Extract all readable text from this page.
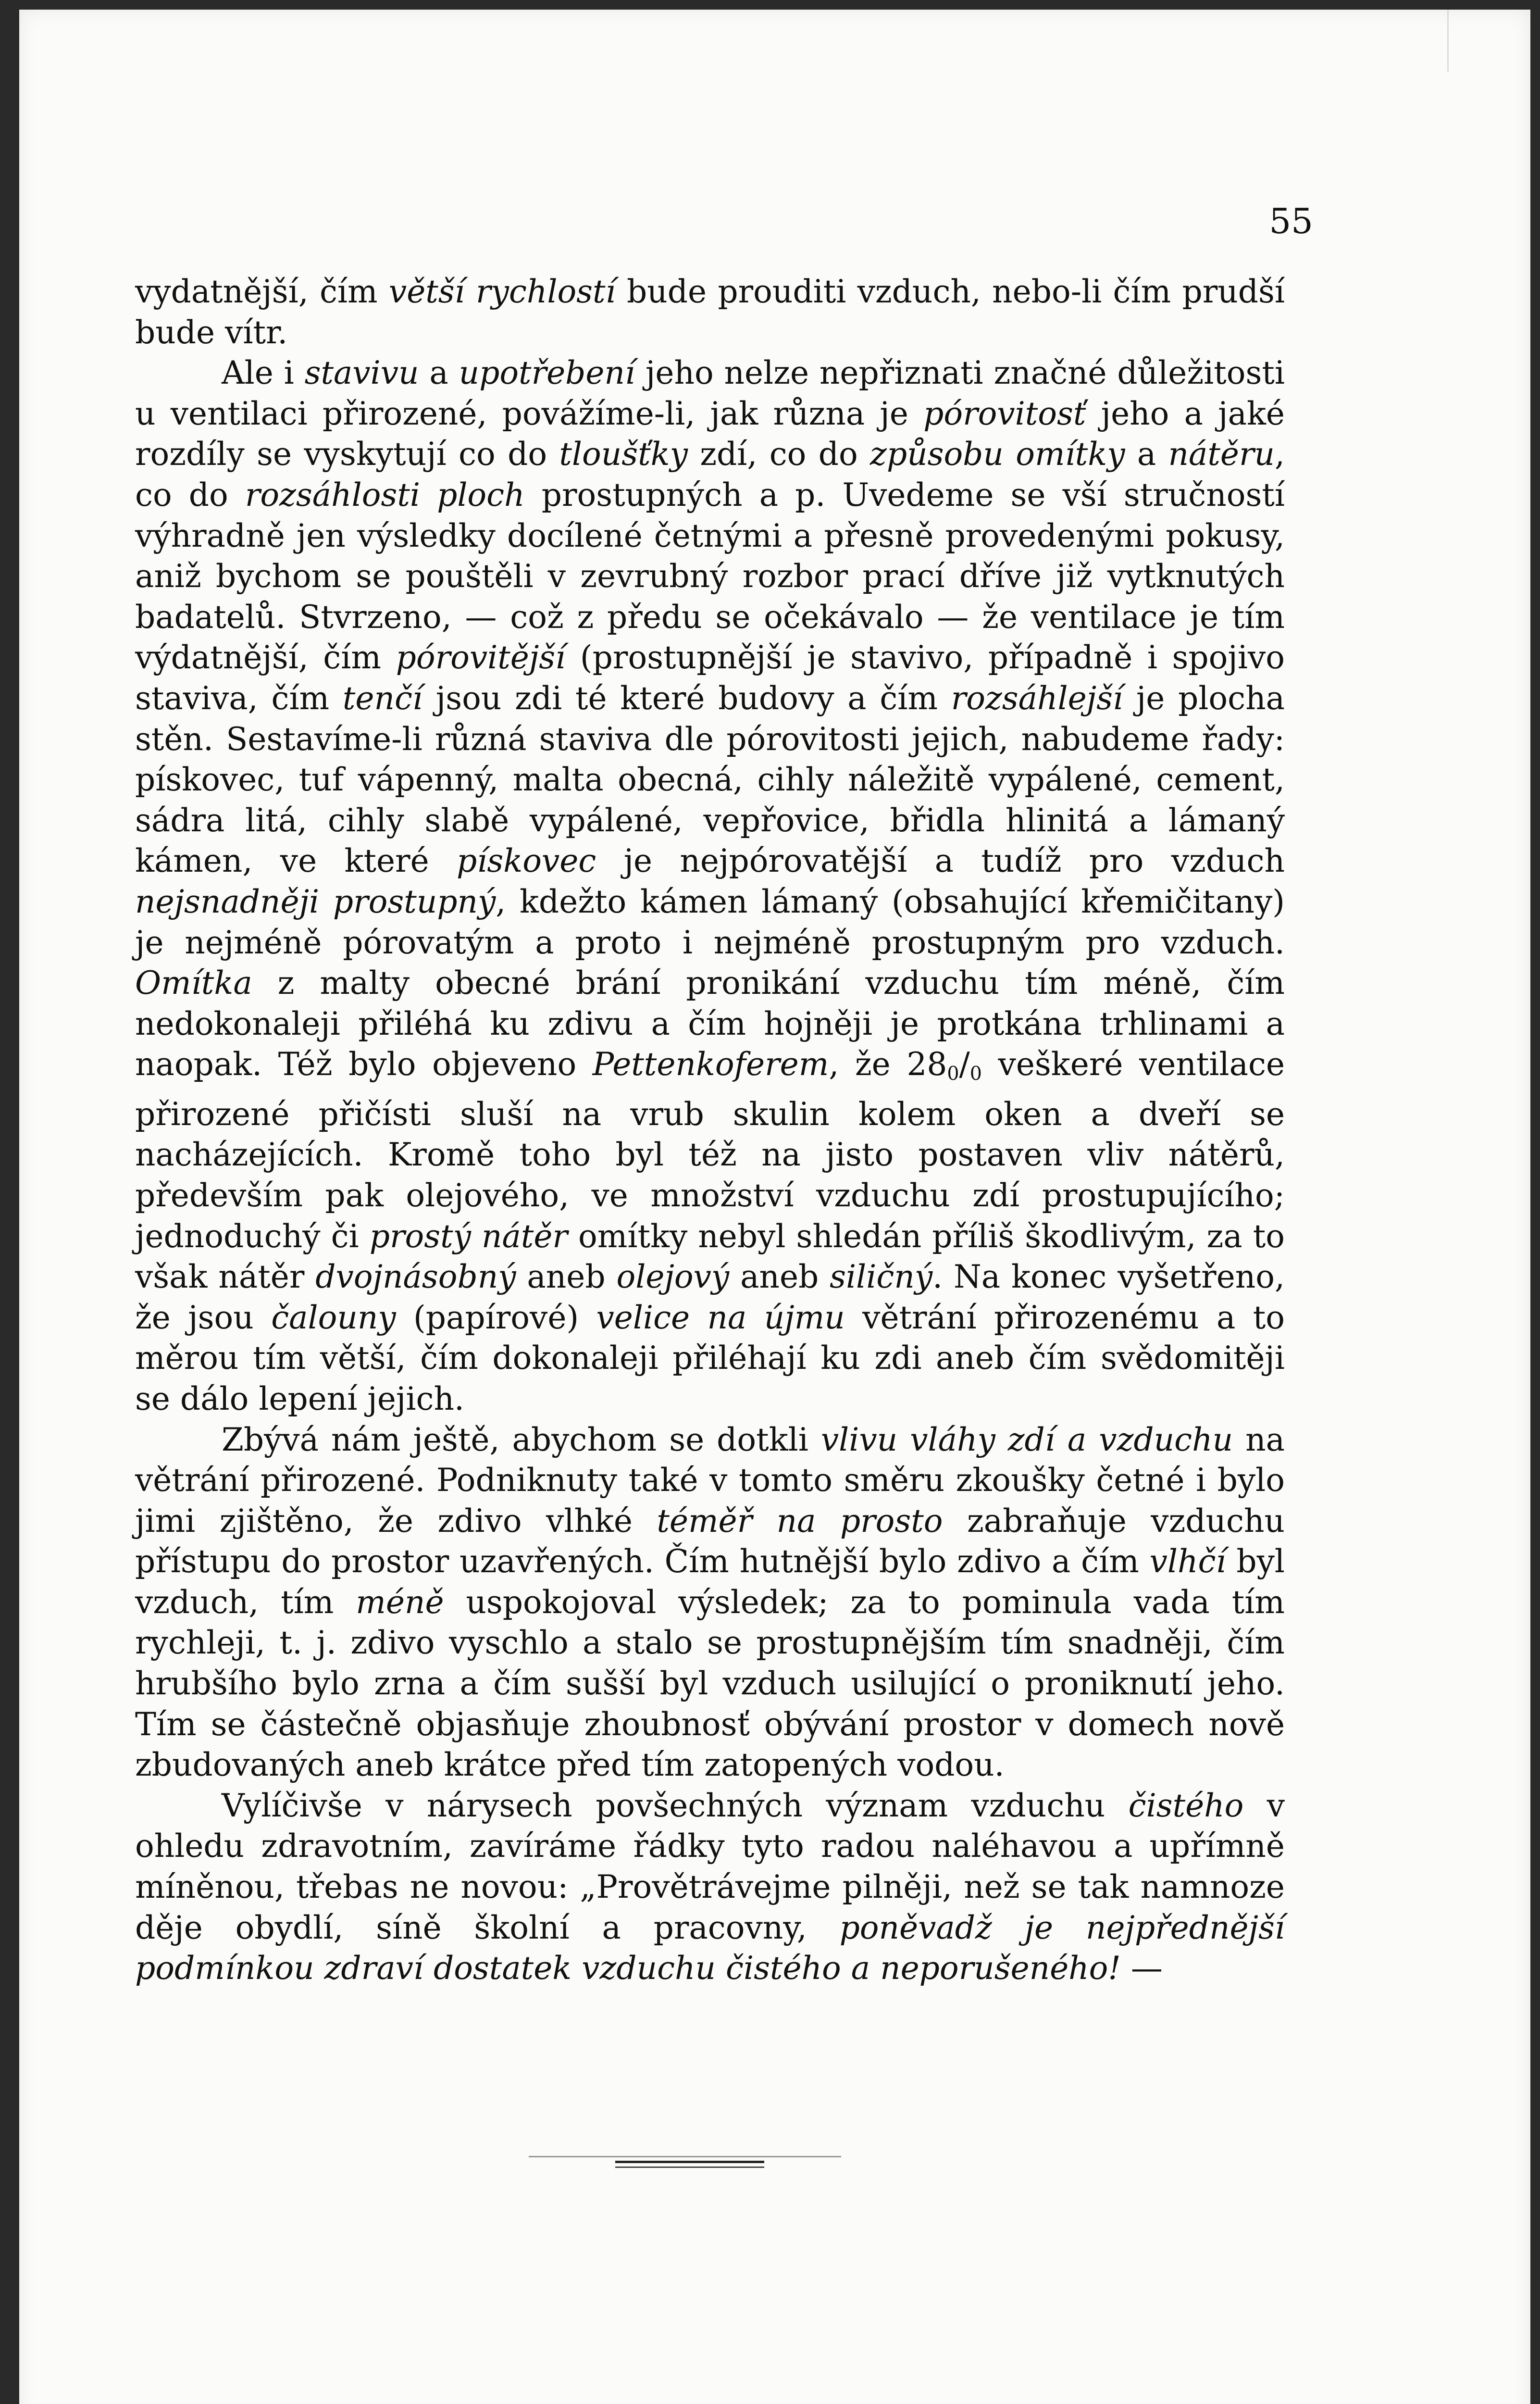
55

vydatnější, čím větší rychlostí bude prouditi vzduch, nebo-li čím prudší bude vítr.

Ale i stavivu a upotřebení jeho nelze nepřiznati značné důležitosti u ventilaci přirozené, povážíme-li, jak různa je pórovitosť jeho a jaké rozdíly se vyskytují co do tloušťky zdí, co do způsobu omítky a nátěru, co do rozsáhlosti ploch prostupných a p. Uvedeme se vší stručností výhradně jen výsledky docílené četnými a přesně provedenými pokusy, aniž bychom se pouštěli v zevrubný rozbor prací dříve již vytknutých badatelů. Stvrzeno, — což z předu se očekávalo — že ventilace je tím výdatnější, čím pórovitější (prostupnější je stavivo, případně i spojivo staviva, čím tenčí jsou zdi té které budovy a čím rozsáhlejší je plocha stěn. Sestavíme-li různá staviva dle pórovitosti jejich, nabudeme řady: pískovec, tuf vápenný, malta obecná, cihly náležitě vypálené, cement, sádra litá, cihly slabě vypálené, vepřovice, břidla hlinitá a lámaný kámen, ve které pískovec je nejpórovatější a tudíž pro vzduch nejsnadněji prostupný, kdežto kámen lámaný (obsahující křemičitany) je nejméně pórovatým a proto i nejméně prostupným pro vzduch. Omítka z malty obecné brání pronikání vzduchu tím méně, čím nedokonaleji přiléhá ku zdivu a čím hojněji je protkána trhlinami a naopak. Též bylo objeveno Pettenkoferem, že $28_0/_0$ veškeré ventilace přirozené přičísti sluší na vrub skulin kolem oken a dveří se nacházejících. Kromě toho byl též na jisto postaven vliv nátěrů, především pak olejového, ve množství vzduchu zdí prostupujícího; jednoduchý či prostý nátěr omítky nebyl shledán příliš škodlivým, za to však nátěr dvojnásobný aneb olejový aneb siličný. Na konec vyšetřeno, že jsou čalouny (papírové) velice na újmu větrání přirozenému a to měrou tím větší, čím dokonaleji přiléhají ku zdi aneb čím svědomitěji se dálo lepení jejich.

Zbývá nám ještě, abychom se dotkli vlivu vláhy zdí a vzduchu na větrání přirozené. Podniknuty také v tomto směru zkoušky četné i bylo jimi zjištěno, že zdivo vlhké téměř na prosto zabraňuje vzduchu přístupu do prostor uzavřených. Čím hutnější bylo zdivo a čím vlhčí byl vzduch, tím méně uspokojoval výsledek; za to pominula vada tím rychleji, t. j. zdivo vyschlo a stalo se prostupnějším tím snadněji, čím hrubšího bylo zrna a čím sušší byl vzduch usilující o proniknutí jeho. Tím se částečně objasňuje zhoubnosť obývání prostor v domech nově zbudovaných aneb krátce před tím zatopených vodou.

Vylíčivše v nárysech povšechných význam vzduchu čistého v ohledu zdravotním, zavíráme řádky tyto radou naléhavou a upřímně míněnou, třebas ne novou: „Provětrávejme pilněji, než se tak namnoze děje obydlí, síně školní a pracovny, poněvadž je nejpřednější podmínkou zdraví dostatek vzduchu čistého a neporušeného! —
